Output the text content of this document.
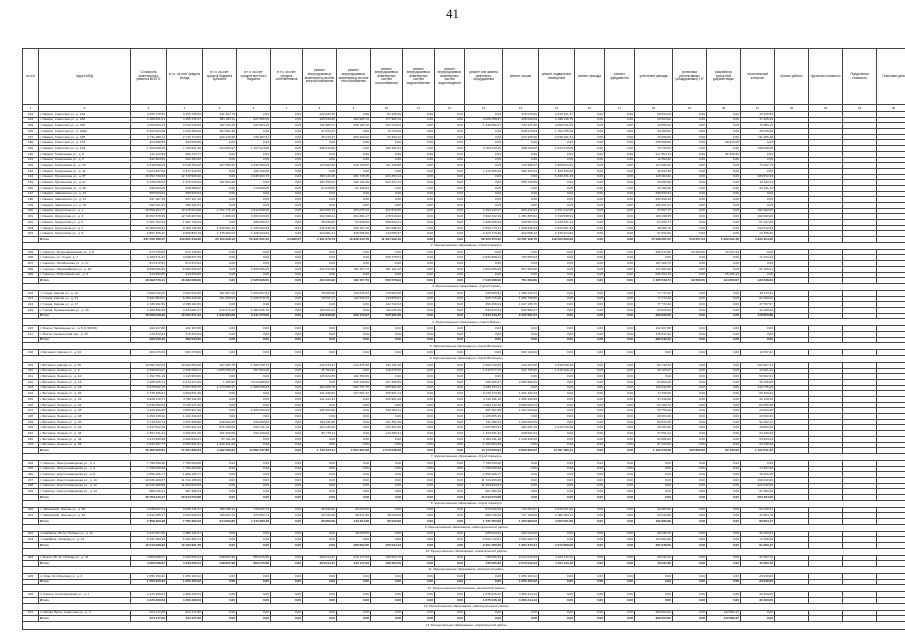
41
№ п/п	Адрес МКД	Стоимость капитального ремонта ВСЕГО	в т.ч. за счет средств Фонда	в т.ч. за счет средств бюджета субъекта	в т.ч. за счет средств местного бюджета	в т.ч. за счет средств собственников	ремонт внутридомовых инженерных систем электроснабжения	ремонт внутридомовых инженерных систем теплоснабжения	ремонт внутридомовых инженерных систем газоснабжения	ремонт внутридомовых инженерных систем водоснабжения	ремонт внутридомовых инженерных систем водоотведения	ремонт или замена лифтового оборудования	ремонт крыши	ремонт подвальных помещений	ремонт фасада	ремонт фундамента	утепление фасада	установка коллективных (общедомовых) ПУ	разработка проектной документации	строительный контроль	прочие работы	Удельная стоимость	Предельная стоимость	Плановая дата
1	2	3	4	5	6	7	8	9	10	11	12	13	14	15	16	17	18	19	20	21	22	23	24	25
183	г. Ижевск, Советская ул., д. 182	3 455 736,00	3 455 736,00	441 407,75	0,00	0,00	222 830,15	0,00	84 195,26	0,00	0,00	0,00	375 076,80	2 410 421,17	0,00	0,00	25 654,00	0,00	0,00	15 435,80				
184	г. Ижевск, Советская ул., д. 182	4 180 831,21	4 455 735,17	651 254,11	427 990,00	0,00	325 039,05	160 985,70	177 986,70	0,00	0,00	2 028 458,67	609 098,69	2 039 116,75	0,00	0,00	23 624,00	0,00	0,00	17 225,26				
185	г. Ижевск, Советская ул., д. 186	4 409 623,33	4 410 718,09	437 011,26	247 894,20	0,00	311 085,71	236 105,16	164 734,61	0,00	0,00	1 139 992,37	344 131,96	3 058 131,00	0,00	0,00	44 855,24	0,00	0,00	70 850,11				
186	г. Ижевск, Советская ул., д. 186а	5 463 423,00	3 316 359,00	457 891,38	0,00	0,00	47 670,47	0,00	79 734,66	0,00	0,00	0,00	538 678,63	1 750 155,40	0,00	0,00	44 268,92	0,00	0,00	30 335,06				
187	г. Ижевск, Советская ул., д. 188	2 741 456,11	2 716 724,84	440 140,98	739 487,61	0,00	45 413,47	280 200,02	64 300,12	0,00	0,00	0,00	541 998,45	2 048 191,51	0,00	0,00	33 626,00	0,00	0,00	111 455,48				
188	г. Ижевск, Советская ул., д. 178	204 696,55	204 696,55	0,00	0,00	0,00	0,00	0,00	0,00	0,00	0,00	0,00	0,00	0,00	0,00	0,00	265 668,60	0,00	69 670,05	0,00				
189	г. Ижевск, Советская ул., д. 184	7 400 428,43	7 146 621,46	354 592,97	1 167 224,00	0,00	288 210,86	0,00	186 181,31	0,00	0,00	2 783 370,24	468 228,58	2 243 370,69	0,00	0,00	76 725,52	0,00	0,00	198 635,99				
190	г. Ижевск, Тимирязева ул., д. 8	411 129,58	396 215,77	0,00	0,00	0,00	0,00	0,00	0,00	0,00	0,00	0,00	0,00	0,00	0,00	0,00	217 864,14	0,00	81 945,50	0,00				
191	г. Ижевск, Тимирязева ул., д. 8	642 384,52	642 384,52	0,00	0,00	0,00	0,00	0,00	0,00	0,00	0,00	0,00	0,00	0,00	0,00	0,00	12 354,22	0,00	0,00	0,00				
192	г. Ижевск, Тимирязева ул., д. 10	6 218 530,00	6 218 784,22	427 596,20	2 349 390,00	0,00	120 263,39	245 738,00	111 139,88	0,00	0,00	0,00	730 398,37	2 309 872,92	0,00	0,00	123 390,52	0,00	0,00	70 162,73				
193	г. Ижевск, Тимирязева ул., д. 42	3 224 487,00	3 217 910,56	0,00	190 130,00	0,00	0,00	0,00	0,00	0,00	0,00	1 170 456,20	590 434,04	1 165 396,06	0,00	0,00	42 094,28	0,00	0,00	0,00				
194	г. Ижевск, Пушкинская ул., д. 87	13 050 709,00	12 728 965,00	0,00	2 945 993,73	0,00	390 134,36	281 725,35	224 453,14	0,00	0,00	0,00	0,00	6 330 331,19	0,00	0,00	126 463,64	0,00	0,00	168 872,46				
195	г. Ижевск, Пушкинская ул., д. 97	1 476 015,93	1 476 015,93	161 554,29	0,00	0,00	103 765,00	100 311,30	224 437,43	0,00	0,00	0,00	655 415,59	0,00	0,00	0,00	30 682,90	0,00	0,00	14 322,11				
196	г. Ижевск, Пушкинская ул., д. 99	938 423,00	935 868,02	0,00	174 800,00	0,00	21 678,80	67 160,81	0,00	0,00	0,00	0,00	0,00	0,00	0,00	0,00	32 355,98	0,00	0,00	54 311,44				
197	г. Ижевск, Чайковского ул., д. 37	255 693,64	255 693,64	0,00	0,00	0,00	0,00	0,00	0,00	0,00	0,00	0,00	0,00	0,00	0,00	0,00	255 693,64	0,00	0,00	0,00				
198	г. Ижевск, Чайковского ул., д. 51	347 187,10	347 187,10	0,00	0,00	0,00	0,00	0,00	0,00	0,00	0,00	0,00	0,00	0,00	0,00	0,00	254 156,29	0,00	0,00	0,00				
199	г. Ижевск, Чайковского ул., д. 79	256 101,61	256 101,61	0,00	0,00	0,00	0,00	0,00	0,00	0,00	0,00	0,00	0,00	0,00	0,00	0,00	256 101,61	0,00	0,00	0,00				
200	г. Ижевск, Удмуртская ул., д. 1	10 658 264,77	10 479 844,89	2 701 776,43	1 812 868,00	0,00	203 066,73	303 076,34	347 810,05	0,00	0,00	2 199 132,37	994 372,23	4 701 312,66	0,00	0,00	37 667,77	0,00	0,00	151 960,66				
201	г. Ижевск, Удмуртская ул., д. 3	16 657 378,36	12 746 257,00	1 606,06	3 253 643,00	0,00	262 196,41	321 661,47	176 513,02	0,00	0,00	3 962 332,49	1 281 885,82	3 743 538,94	0,00	0,00	189 298,35	0,00	0,00	102 000,00				
202	г. Ижевск, Удмуртская ул., д. 5	1 901 793,44	1 901 793,44	0,00	490 459,47	0,00	28 039,00	54 235,00	256 810,31	0,00	0,00	1 028 406,03	428 557,53	1 016 341,24	0,00	0,00	64 256,71	0,00	0,00	67 447,63				
203	г. Ижевск, Удмуртская ул., д. 7	10 405 645,92	8 209 211,58	1 539 961,32	1 155 002,00	0,00	242 035,49	320 157,46	161 096,32	0,00	0,00	2 552 773,74	1 208 625,23	2 841 091,49	0,00	0,00	36 066,19	0,00	0,00	194 512,00				
204	г. Ижевск, Удмуртская ул., д. 9	6 897 265,47	9 056 854,15	1 375 002,04	1 225 044,00	0,00	224 081,31	345 066,50	134 055,97	0,00	0,00	2 223 779,98	922 058,12	2 346 024,59	0,00	0,00	57 092,00	0,00	0,00	72 255,00				
	Итого	247 530 768,47	243 852 319,00	24 763 208,13	50 931 251,23	24 986,27	7 361 076,73	10 628 312,79	11 907 093,10	0,00	0,00	50 055 373,42	24 787 108,75	119 560 629,29	0,00	0,00	17 068 097,25	579 057,64	1 060 001,28	4 222 404,26				
2. Муниципальное образование «Город Сарапул»																								
205	г. Сарапул, Красноармейская ул., д. 5	973 730,65	973 730,65	0,00	0,00	0,00	0,00	0,00	0,00	0,00	0,00	0,00	0,00	0,00	0,00	0,00	406 412,86	62 660,56	22 641,54	0,00				
206	г. Сарапул, ул. Гоголя, д. 7	4 168 071,02	4 098 837,69	0,00	0,00	0,00	0,00	0,00	325 475,51	0,00	0,00	2 833 368,01	793 583,03	0,00	0,00	0,00	0,00	0,00	0,00	71 233,33				
207	г. Сарапул, Октябрьская ул., д. 27	874 372,91	874 372,91	0,00	0,00	0,00	0,00	0,00	0,00	0,00	0,00	0,00	0,00	0,00	0,00	0,00	107 200,70	0,00	0,00	0,00				
208	г. Сарапул, Первомайская ул., д. 20	8 256 266,92	8 256 266,92	0,00	2 325 906,00	0,00	202 334,90	182 157,73	181 101,42	0,00	0,00	2 564 395,69	807 369,66	0,00	0,00	0,00	147 203,40	0,00	0,00	51 105,51				
209	г. Сарапул, Юбилейный пер., д. 9	233 559,85	233 559,85	0,00	0,00	0,00	0,00	0,00	0,00	0,00	0,00	0,00	0,00	0,00	0,00	0,00	649 394,72	0,00	65 456,13	0,00				
	Итого	18 392 579,41	18 282 068,30	0,00	2 325 906,00	0,00	202 334,90	182 157,73	506 576,93	0,00	0,00	7 430 168,03	751 663,89	0,00	0,00	0,00	1 465 549,71	62 660,56	124 659,57	122 338,84				
3. Муниципальное образование «Город Глазов»																								
212	г. Глазов, Кирова ул., д. 12	4 500 242,00	4 500 242,00	461 307,00	1 003 057,61	0,00	78 008,96	120 636,94	175 660,48	0,00	0,00	430 589,51	1 496 733,21	0,00	0,00	0,00	77 772,42	0,00	0,00	48 113,31				
213	г. Глазов, Кирова ул., д. 13	5 321 584,51	5 489 436,36	201 406,02	1 025 679,70	0,00	78 527,71	142 540,03	134 555,81	0,00	0,00	525 715,48	1 482 708,80	0,00	0,00	0,00	77 772,42	0,00	0,00	61 600,00				
214	г. Глазов, Кирова ул., д. 17	2 339 911,59	2 339 911,59	0,00	0,00	0,00	0,00	0,00	104 722,63	0,00	0,00	356 456,04	1 617 155,76	0,00	0,00	0,00	77 772,42	0,00	0,00	37 707,57				
215	г. Глазов, Пряженникова ул., д. 33	4 296 305,26	4 234 681,27	970 171,64	1 182 635,75	0,00	180 301,41	0,00	111 026,36	0,00	0,00	530 972,24	840 983,47	0,00	0,00	0,00	63 622,00	0,00	0,00	31 230,00				
	Итого	16 558 043,36	16 564 271,22	1 632 884,66	3 211 373,06	0,00	336 838,08	263 176,97	525 965,28	0,00	0,00	1 843 733,27	5 437 581,24	0,00	0,00	0,00	296 939,26	0,00	0,00	178 650,88				
4. Муниципальное образование «Город Можга»																								
216	г. Можга, Наговицына ул., д. 6 (1 990 М)	102 107,88	102 107,88	0,00	0,00	0,00	0,00	0,00	0,00	0,00	0,00	0,00	0,00	0,00	0,00	0,00	102 107,88	0,00	0,00	0,00				
217	г. Можга, Сюгаильский пер., д. 15	179 310,94	179 310,94	0,00	0,00	0,00	0,00	0,00	0,00	0,00	0,00	0,00	0,00	0,00	0,00	0,00	179 310,94	0,00	0,00	0,00				
	Итого	282 043,40	282 043,40	0,00	0,00	0,00	0,00	0,00	0,00	0,00	0,00	0,00	0,00	0,00	0,00	0,00	282 043,40	0,00	0,00	0,00				
5. Муниципальное образование «Город Воткинск»																								
218	г. Воткинск, Кирова ул., д. 34	963 276,00	963 276,00	0,00	0,00	0,00	0,00	0,00	0,00	0,00	0,00	0,00	963 140,00	0,00	0,00	0,00	0,00	0,00	0,00	12 657,42				
6. Муниципальное образование «Город Воткинск»																								
219	г. Воткинск, Кирова ул., д. 36	10 469 152,09	10 236 854,00	187 405,78	1 480 796,73	0,00	229 134,47	414 375,38	224 311,20	0,00	0,00	2 463 216,65	244 224,36	4 136 516,18	0,00	0,00	90 718,34	0,00	0,00	152 097,44				
220	г. Воткинск, Ленина ул., д. 6	4 498 664,07	4 368 205,01	3 055 056,00	267 604,00	0,00	25 794,42	0,00	115 875,00	0,00	0,00	1 219 577,33	431 725,05	1 210 126,13	0,00	0,00	45 123,27	0,00	0,00	14 201,21				
221	г. Воткинск, Ленина ул., д. 10	1 152 761,20	1 119 953,06	0,00	0,00	0,00	131 524,85	182 459,69	0,00	0,00	0,00	0,00	0,00	0,00	0,00	0,00	0,00	0,00	0,00	53 502,31				
222	г. Воткинск, Ленина ул., д. 14	2 466 545,71	2 414 471,00	1 165,52	3 014 680,02	0,00	0,00	125 130,60	127 305,00	0,00	0,00	295 485,17	2 599 996,00	0,00	0,00	0,00	54 864,00	0,00	0,00	30 166,00				
223	г. Воткинск, Ленина ул., д. 18	9 579 932,78	9 457 846,76	2 173 250,77	1 388 930,63	0,00	480 468,79	593 737,75	305 901,06	0,00	0,00	2 636 734,11	0,00	0,00	0,00	0,00	120 432,96	0,00	0,00	143 735,46				
224	г. Воткинск, Ленина ул., д. 20	3 735 205,91	3 609 051,36	0,00	0,00	0,00	191 036,60	247 051,37	156 901,41	0,00	0,00	2 130 173,96	1 301 103,33	0,00	0,00	0,00	74 150,09	0,00	0,00	65 300,22				
225	г. Воткинск, Ленина ул., д. 22	3 828 310,17	3 782 411,65	0,00	0,00	0,00	141 434,41	0,00	105 901,29	0,00	0,00	2 113 311,16	1 350 100,56	0,00	0,00	0,00	47 530,66	0,00	0,00	31 145,02				
226	г. Воткинск, Ленина ул., д. 24	5 638 450,53	4 725 271,40	0,00	0,00	0,00	0,00	0,00	0,00	0,00	0,00	2 023 112,15	2 699 052,04	0,00	0,00	0,00	62 109,73	0,00	0,00	84 355,98				
227	г. Воткинск, Ленина ул., д. 26	4 110 360,65	4 065 997,98	0,00	2 300 000,00	0,00	205 404,88	0,00	125 001,11	0,00	0,00	205 197,65	1 201 033,08	0,00	0,00	0,00	40 750,00	0,00	0,00	24 000,00				
228	г. Воткинск, Ленина ул., д. 28	1 450 315,02	1 443 316,33	0,00	0,00	0,00	0,00	0,00	0,00	0,00	0,00	1 105 355,45	0,00	0,00	0,00	0,00	20 003,00	0,00	0,00	43 660,36				
229	г. Воткинск, Ленина ул., д. 30	3 719 343,73	3 401 555,88	239 502,05	630 060,00	0,00	154 011,85	0,00	121 351,39	0,00	0,00	741 498,31	1 505 003,25	0,00	0,00	0,00	85 543,46	0,00	0,00	51 202,17				
230	г. Воткинск, Ленина ул., д. 32	4 437 512,46	4 353 431,44	875 108,00	322 741,10	0,00	204 135,30	0,00	125 320,40	0,00	0,00	1 007 553,31	281 001,19	1 016 516,68	0,00	0,00	45 303,00	0,00	0,00	34 800,00				
231	г. Воткинск, Ленина ул., д. 34	4 457 231,21	4 252 001,26	101 000,00	322 440,00	0,00	82 779,11	0,00	112 209,31	0,00	0,00	1 193 531,44	235 001,61	0,00	0,00	0,00	37 551,24	0,00	0,00	24 100,00				
232	г. Воткинск, Ленина ул., д. 36	4 413 566,68	4 208 004,31	87 311,49	0,00	0,00	0,00	0,00	0,00	0,00	0,00	2 083 211,18	1 018 430,20	0,00	0,00	0,00	62 500,00	0,00	0,00	54 094,24				
233	г. Воткинск, Ленина ул., д. 38	2 643 457,77	2 503 551,51	1 002 101,00	0,00	0,00	0,00	0,00	0,00	0,00	0,00	1 163 004,35	0,00	0,00	0,00	0,00	37 123,04	0,00	0,00	22 130,00				
	Итого	76 460 305,81	77 364 333,34	4 292 223,81	14 891 347,89	0,00	1 743 720,41	1 652 362,39	2 573 046,39	0,00	0,00	14 770 633,64	8 659 300,97	11 597 406,11	0,00	0,00	1 102 379,29	203 800,00	82 740,00	1 101 641,22				
7. Муниципальное образование «Город Сарапул»																								
234	г. Сарапул, Электрозаводская ул., д. 4	7 796 230,08	7 796 230,08	0,00	0,00	0,00	0,00	0,00	0,00	0,00	0,00	7 796 230,08	0,00	0,00	0,00	0,00	0,00	0,00	0,00	0,00				
235	г. Сарапул, Электрозаводская ул., д. 6	7 796 230,08	7 796 230,08	0,00	0,00	0,00	0,00	0,00	0,00	0,00	0,00	7 796 230,08	0,00	0,00	0,00	0,00	0,00	0,00	0,00	74 307,00				
236	г. Сарапул, Электрозаводская ул., д. 8	1 856 186,77	1 856 186,77	0,00	0,00	0,00	0,00	0,00	0,00	0,00	0,00	1 856 186,77	0,00	0,00	0,00	0,00	0,00	0,00	0,00	46 325,00				
237	г. Сарапул, Электрозаводская ул., д. 10	12 046 189,87	11 724 159,69	0,00	0,00	0,00	0,00	0,00	0,00	0,00	0,00	11 724 159,69	0,00	0,00	0,00	0,00	0,00	0,00	0,00	190 040,00				
238	г. Сарапул, Электрозаводская ул., д. 12	12 041 686,69	11 903 623,63	0,00	0,00	0,00	0,00	0,00	0,00	0,00	0,00	11 903 623,63	0,00	0,00	0,00	0,00	0,00	0,00	0,00	121 042,00				
239	г. Сарапул, Электрозаводская ул., д. 14	980 436,41	957 486,43	0,00	0,00	0,00	0,00	0,00	0,00	0,00	0,00	957 486,43	0,00	0,00	0,00	0,00	0,00	0,00	0,00	21 990,00				
	Итого	40 763 210,47	40 613 573,68	0,00	0,00	0,00	0,00	0,00	0,00	0,00	0,00	40 613 573,68	0,00	0,00	0,00	0,00	0,00	0,00	0,00	453 704,00				
8. Муниципальное образование «Город Сарапул»																								
240	г. Чайковский, Ленина ул., д. 36	4 048 097,91	3 936 745,72	158 036,11	739 830,75	0,00	35 940,00	84 633,00	0,00	0,00	0,00	870 530,99	723 284,97	2 046 531,58	0,00	0,00	92 880,00	0,00	0,00	52 349,41				
241	г. Чайковский, Ленина ул., д. 42	3 910 385,37	3 843 546,81	156 054,72	375 552,71	0,00	59 919,09	58 571,36	95 020,00	0,00	0,00	866 730,00	727 708,06	2 009 000,11	0,00	0,00	66 510,96	0,00	0,00	43 484,76				
	Итого	7 958 483,28	7 780 292,53	314 090,83	1 115 383,46	0,00	95 859,09	143 204,36	95 020,00	0,00	0,00	1 737 260,99	1 450 993,03	4 055 531,69	0,00	0,00	159 390,96	0,00	0,00	95 834,17				
9. Муниципальное образование «Малопургинский район»																								
242	г. Камбарка, 86 лет Победы ул., д. 11	4 137 627,06	2 880 911,61	0,00	0,00	0,00	0,00	45 065,55	0,00	0,00	0,00	635 044,91	931 643,00	0,00	0,00	0,00	66 030,75	0,00	0,00	43 109,63				
243	г. Камбарка, Чапаева ул., д. 14	5 191 569,95	5 184 381,21	0,00	0,00	0,00	0,00	0,00	0,00	0,00	0,00	2 522 712,67	2 501 020,79	0,00	0,00	0,00	102 804,99	0,00	0,00	72 308,00				
	Итого	10 213 966,93	10 103 991,70	0,00	0,00	0,00	0,00	486 682,35	155 014,13	0,00	0,00	3 201 780,26	1 664 773,41	4 072 689,09	0,00	0,00	287 648,00	0,00	0,00	91 960,47				
10. Муниципальное образование «Сарапульский район»																								
244	г. Можга, 86 лет Победы ул., д. 16	4 563 058,97	4 349 055,44	248 937,96	853 576,58	0,00	204 014,47	213 177,03	195 503,79	0,00	0,00	745 505,39	2 013 010,34	1 101 110,10	0,00	0,00	46 032,36	0,00	0,00	41 593,73				
	Итого	4 563 058,97	4 349 055,44	248 937,96	853 576,58	0,00	204 014,47	213 177,03	195 503,79	0,00	0,00	745 505,39	2 013 010,34	1 101 110,10	0,00	0,00	46 032,36	0,00	0,00	41 593,73				
11. Муниципальное образование «Игринский район»																								
245	п. Игра, Октябрьская ул., д. 3	1 056 150,22	1 056 150,22	0,00	0,00	0,00	0,00	0,00	0,00	0,00	0,00	0,00	1 056 150,22	0,00	0,00	0,00	0,00	0,00	0,00	23 948,00				
	Итого	1 056 150,22	1 056 150,22	0,00	0,00	0,00	0,00	0,00	0,00	0,00	0,00	0,00	1 056 150,22	0,00	0,00	0,00	0,00	0,00	0,00	23 948,00				
12. Муниципальное образование «Кизнерский район»																								
246	п. Кизнер, Кооперативная ул., д. 7	4 479 100,53	4 459 430,53	0,00	0,00	0,00	0,00	0,00	0,00	0,00	0,00	1 075 016,40	3 359 414,13	0,00	0,00	0,00	0,00	0,00	0,00	30 100,00				
	Итого	4 479 100,53	4 459 430,53	0,00	0,00	0,00	0,00	0,00	0,00	0,00	0,00	1 075 016,40	3 359 414,13	0,00	0,00	0,00	0,00	0,00	0,00	30 100,00				
13. Муниципальное образование «Малопургинский район»																								
247	п. Малая Пурга, Советская ул., д. 4	424 177,60	424 177,60	0,00	0,00	0,00	0,00	0,00	0,00	0,00	0,00	0,00	0,00	0,00	0,00	0,00	309 264,00	0,00	112 883,27	0,00				
	Итого	424 177,60	424 177,60	0,00	0,00	0,00	0,00	0,00	0,00	0,00	0,00	0,00	0,00	0,00	0,00	0,00	309 264,00	0,00	112 883,27	0,00				
14. Муниципальное образование «Сарапульский район»																								
